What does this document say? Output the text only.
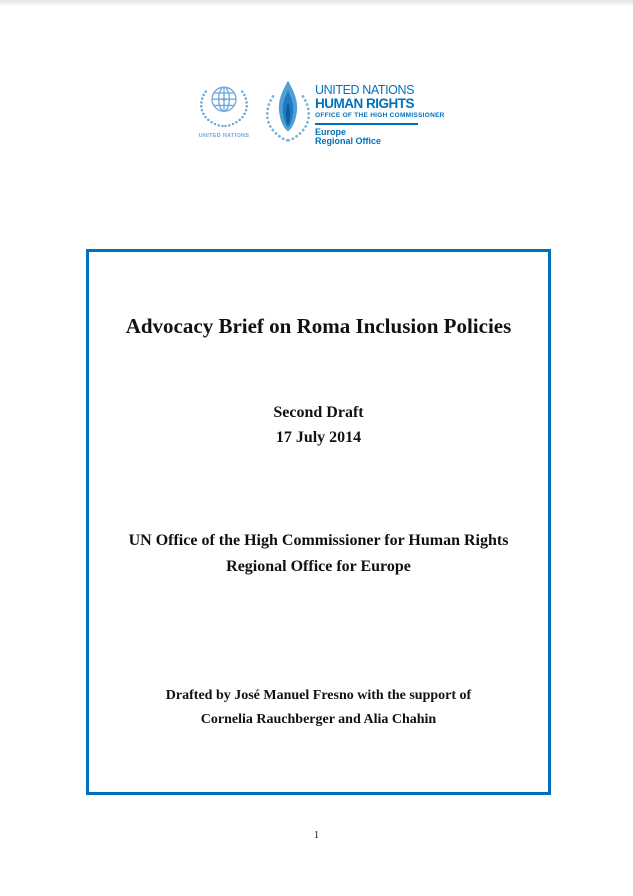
UNITED NATIONS
UNITED NATIONS
HUMAN RIGHTS
OFFICE OF THE HIGH COMMISSIONER
Europe
Regional Office
Advocacy Brief on Roma Inclusion Policies
Second Draft
17 July 2014
UN Office of the High Commissioner for Human Rights
Regional Office for Europe
Drafted by José Manuel Fresno with the support of
Cornelia Rauchberger and Alia Chahin
1
